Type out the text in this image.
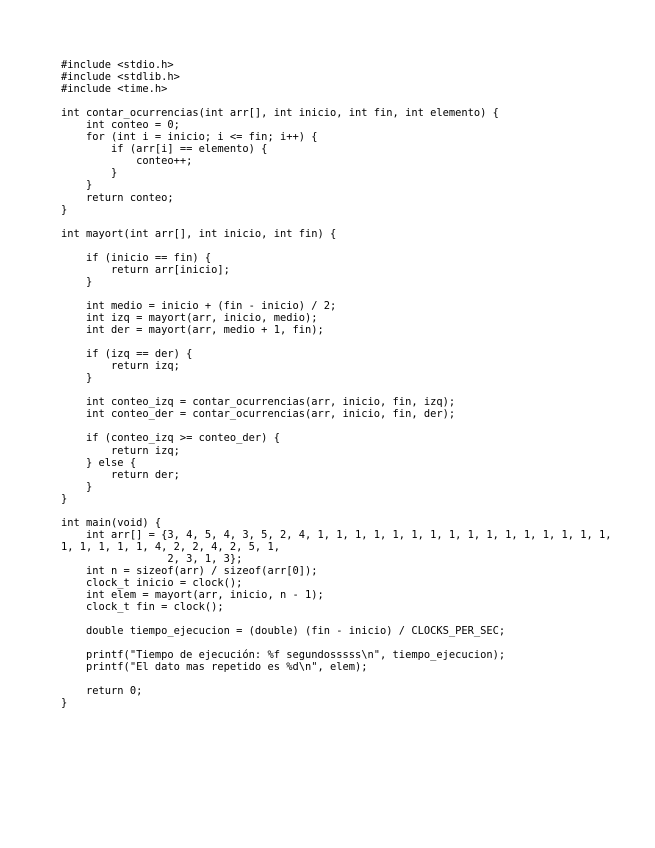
#include <stdio.h>
#include <stdlib.h>
#include <time.h>
int contar_ocurrencias(int arr[], int inicio, int fin, int elemento) {
int conteo = 0;
for (int i = inicio; i <= fin; i++) {
if (arr[i] == elemento) {
conteo++;
}
}
return conteo;
}
int mayort(int arr[], int inicio, int fin) {
if (inicio == fin) {
return arr[inicio];
}
int medio = inicio + (fin - inicio) / 2;
int izq = mayort(arr, inicio, medio);
int der = mayort(arr, medio + 1, fin);
if (izq == der) {
return izq;
}
int conteo_izq = contar_ocurrencias(arr, inicio, fin, izq);
int conteo_der = contar_ocurrencias(arr, inicio, fin, der);
if (conteo_izq >= conteo_der) {
return izq;
} else {
return der;
}
}
int main(void) {
int arr[] = {3, 4, 5, 4, 3, 5, 2, 4, 1, 1, 1, 1, 1, 1, 1, 1, 1, 1, 1, 1, 1, 1, 1, 1,
1, 1, 1, 1, 1, 4, 2, 2, 4, 2, 5, 1,
2, 3, 1, 3};
int n = sizeof(arr) / sizeof(arr[0]);
clock_t inicio = clock();
int elem = mayort(arr, inicio, n - 1);
clock_t fin = clock();
double tiempo_ejecucion = (double) (fin - inicio) / CLOCKS_PER_SEC;
printf("Tiempo de ejecución: %f segundosssss\n", tiempo_ejecucion);
printf("El dato mas repetido es %d\n", elem);
return 0;
}
